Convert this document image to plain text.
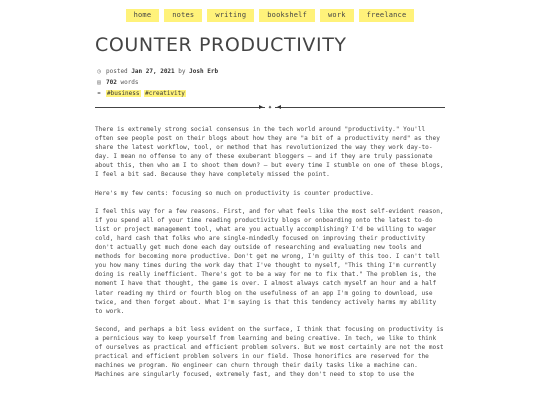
home	notes	writing	bookshelf	work	freelance
COUNTER PRODUCTIVITY
◷ posted Jan 27, 2021 by Josh Erb
▤ 702 words
⚭ #business #creativity
✦

There is extremely strong social consensus in the tech world around "productivity." You'll often see people post on their blogs about how they are "a bit of a productivity nerd" as they share the latest workflow, tool, or method that has revolutionized the way they work day-to-day. I mean no offense to any of these exuberant bloggers – and if they are truly passionate about this, then who am I to shoot them down? – but every time I stumble on one of these blogs, I feel a bit sad. Because they have completely missed the point.

Here's my few cents: focusing so much on productivity is counter productive.

I feel this way for a few reasons. First, and for what feels like the most self-evident reason, if you spend all of your time reading productivity blogs or onboarding onto the latest to-do list or project management tool, what are you actually accomplishing? I'd be willing to wager cold, hard cash that folks who are single-mindedly focused on improving their productivity don't actually get much done each day outside of researching and evaluating new tools and methods for becoming more productive. Don't get me wrong, I'm guilty of this too. I can't tell you how many times during the work day that I've thought to myself, "This thing I'm currently doing is really inefficient. There's got to be a way for me to fix that." The problem is, the moment I have that thought, the game is over. I almost always catch myself an hour and a half later reading my third or fourth blog on the usefulness of an app I'm going to download, use twice, and then forget about. What I'm saying is that this tendency actively harms my ability to work.

Second, and perhaps a bit less evident on the surface, I think that focusing on productivity is a pernicious way to keep yourself from learning and being creative. In tech, we like to think of ourselves as practical and efficient problem solvers. But we most certainly are not the most practical and efficient problem solvers in our field. Those honorifics are reserved for the machines we program. No engineer can churn through their daily tasks like a machine can. Machines are singularly focused, extremely fast, and they don't need to stop to use the
